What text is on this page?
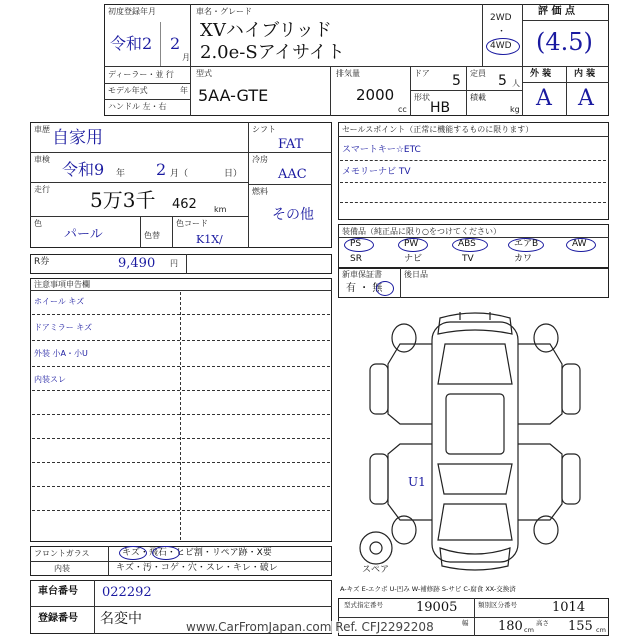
初度登録年月
令和2 2
月
車名・グレード
XVハイブリッド
2.0e-Sアイサイト
2WD
・
4WD
評 価 点
(4.5)
ディーラー・並 行
モデル年式	年
ハンドル 左・右
型式
5AA-GTE
排気量
2000
cc
ドア 5 定員 5 人
形状
HB
積載
kg
外 装	内 装
A A
車歴 自家用
車検
令和9 年 2 月（	日）
走行 5万3千 462 km
色
パール	色替
色コード
K1X/
シフト
FAT
冷房
AAC
燃料
その他
R券	9,490 円
セールスポイント（正常に機能するものに限ります）
スマートキー☆ETC
メモリーナビ TV
装備品（純正品に限り○をつけてください）
PS	PW	ABS	エアB	AW
SR	ナビ	TV	カワ
新車保証書
有 ・ 無
後日品
注意事項申告欄
ホイール キズ
ドアミラー キズ
外装 小A・小U
内装スレ
フロントガラス	キズ・飛石・ヒビ割・リペア跡・X要
内装	キズ・汚・コゲ・穴・スレ・キレ・破レ
車台番号 022292
登録番号 名変中
U1
スペア
A-キズ E-エクボ U-凹み W-補修跡 S-サビ C-腐食 XX-交換済
型式指定番号	19005	類別区分番号	1014
幅 180 cm
高さ 155 cm
www.CarFromJapan.com Ref. CFJ2292208
